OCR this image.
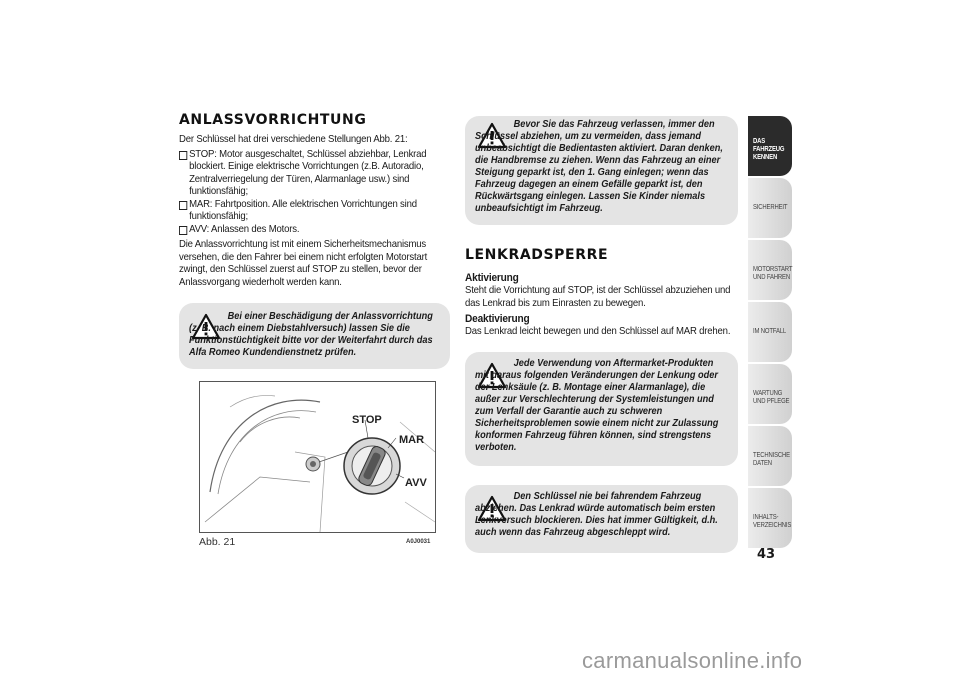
ANLASSVORRICHTUNG

Der Schlüssel hat drei verschiedene Stellungen Abb. 21:

STOP: Motor ausgeschaltet, Schlüssel abziehbar, Lenkrad blockiert. Einige elektrische Vorrichtungen (z.B. Autoradio, Zentralverriegelung der Türen, Alarmanlage usw.) sind funktionsfähig;
MAR: Fahrtposition. Alle elektrischen Vorrichtungen sind funktionsfähig;
AVV: Anlassen des Motors.

Die Anlassvorrichtung ist mit einem Sicherheitsmechanismus versehen, die den Fahrer bei einem nicht erfolgten Motorstart zwingt, den Schlüssel zuerst auf STOP zu stellen, bevor der Anlassvorgang wiederholt werden kann.

Bei einer Beschädigung der Anlassvorrichtung (z. B. nach einem Diebstahlversuch) lassen Sie die Funktionstüchtigkeit bitte vor der Weiterfahrt durch das Alfa Romeo Kundendienstnetz prüfen.
STOP
MAR
AVV
Abb. 21	A0J0031
Bevor Sie das Fahrzeug verlassen, immer den Schlüssel abziehen, um zu vermeiden, dass jemand unbeabsichtigt die Bedientasten aktiviert. Daran denken, die Handbremse zu ziehen. Wenn das Fahrzeug an einer Steigung geparkt ist, den 1. Gang einlegen; wenn das Fahrzeug dagegen an einem Gefälle geparkt ist, den Rückwärtsgang einlegen. Lassen Sie Kinder niemals unbeaufsichtigt im Fahrzeug.
LENKRADSPERRE
Aktivierung

Steht die Vorrichtung auf STOP, ist der Schlüssel abzuziehen und das Lenkrad bis zum Einrasten zu bewegen.

Deaktivierung

Das Lenkrad leicht bewegen und den Schlüssel auf MAR drehen.

Jede Verwendung von Aftermarket-Produkten mit daraus folgenden Veränderungen der Lenkung oder der Lenksäule (z. B. Montage einer Alarmanlage), die außer zur Verschlechterung der Systemleistungen und zum Verfall der Garantie auch zu schweren Sicherheitsproblemen sowie einem nicht zur Zulassung konformen Fahrzeug führen können, sind strengstens verboten.
Den Schlüssel nie bei fahrendem Fahrzeug abziehen. Das Lenkrad würde automatisch beim ersten Lenkversuch blockieren. Dies hat immer Gültigkeit, d.h. auch wenn das Fahrzeug abgeschleppt wird.
DAS FAHRZEUG KENNEN
SICHERHEIT
MOTORSTART UND FAHREN
IM NOTFALL
WARTUNG UND PFLEGE
TECHNISCHE DATEN
INHALTS-VERZEICHNIS
43
carmanualsonline.info
